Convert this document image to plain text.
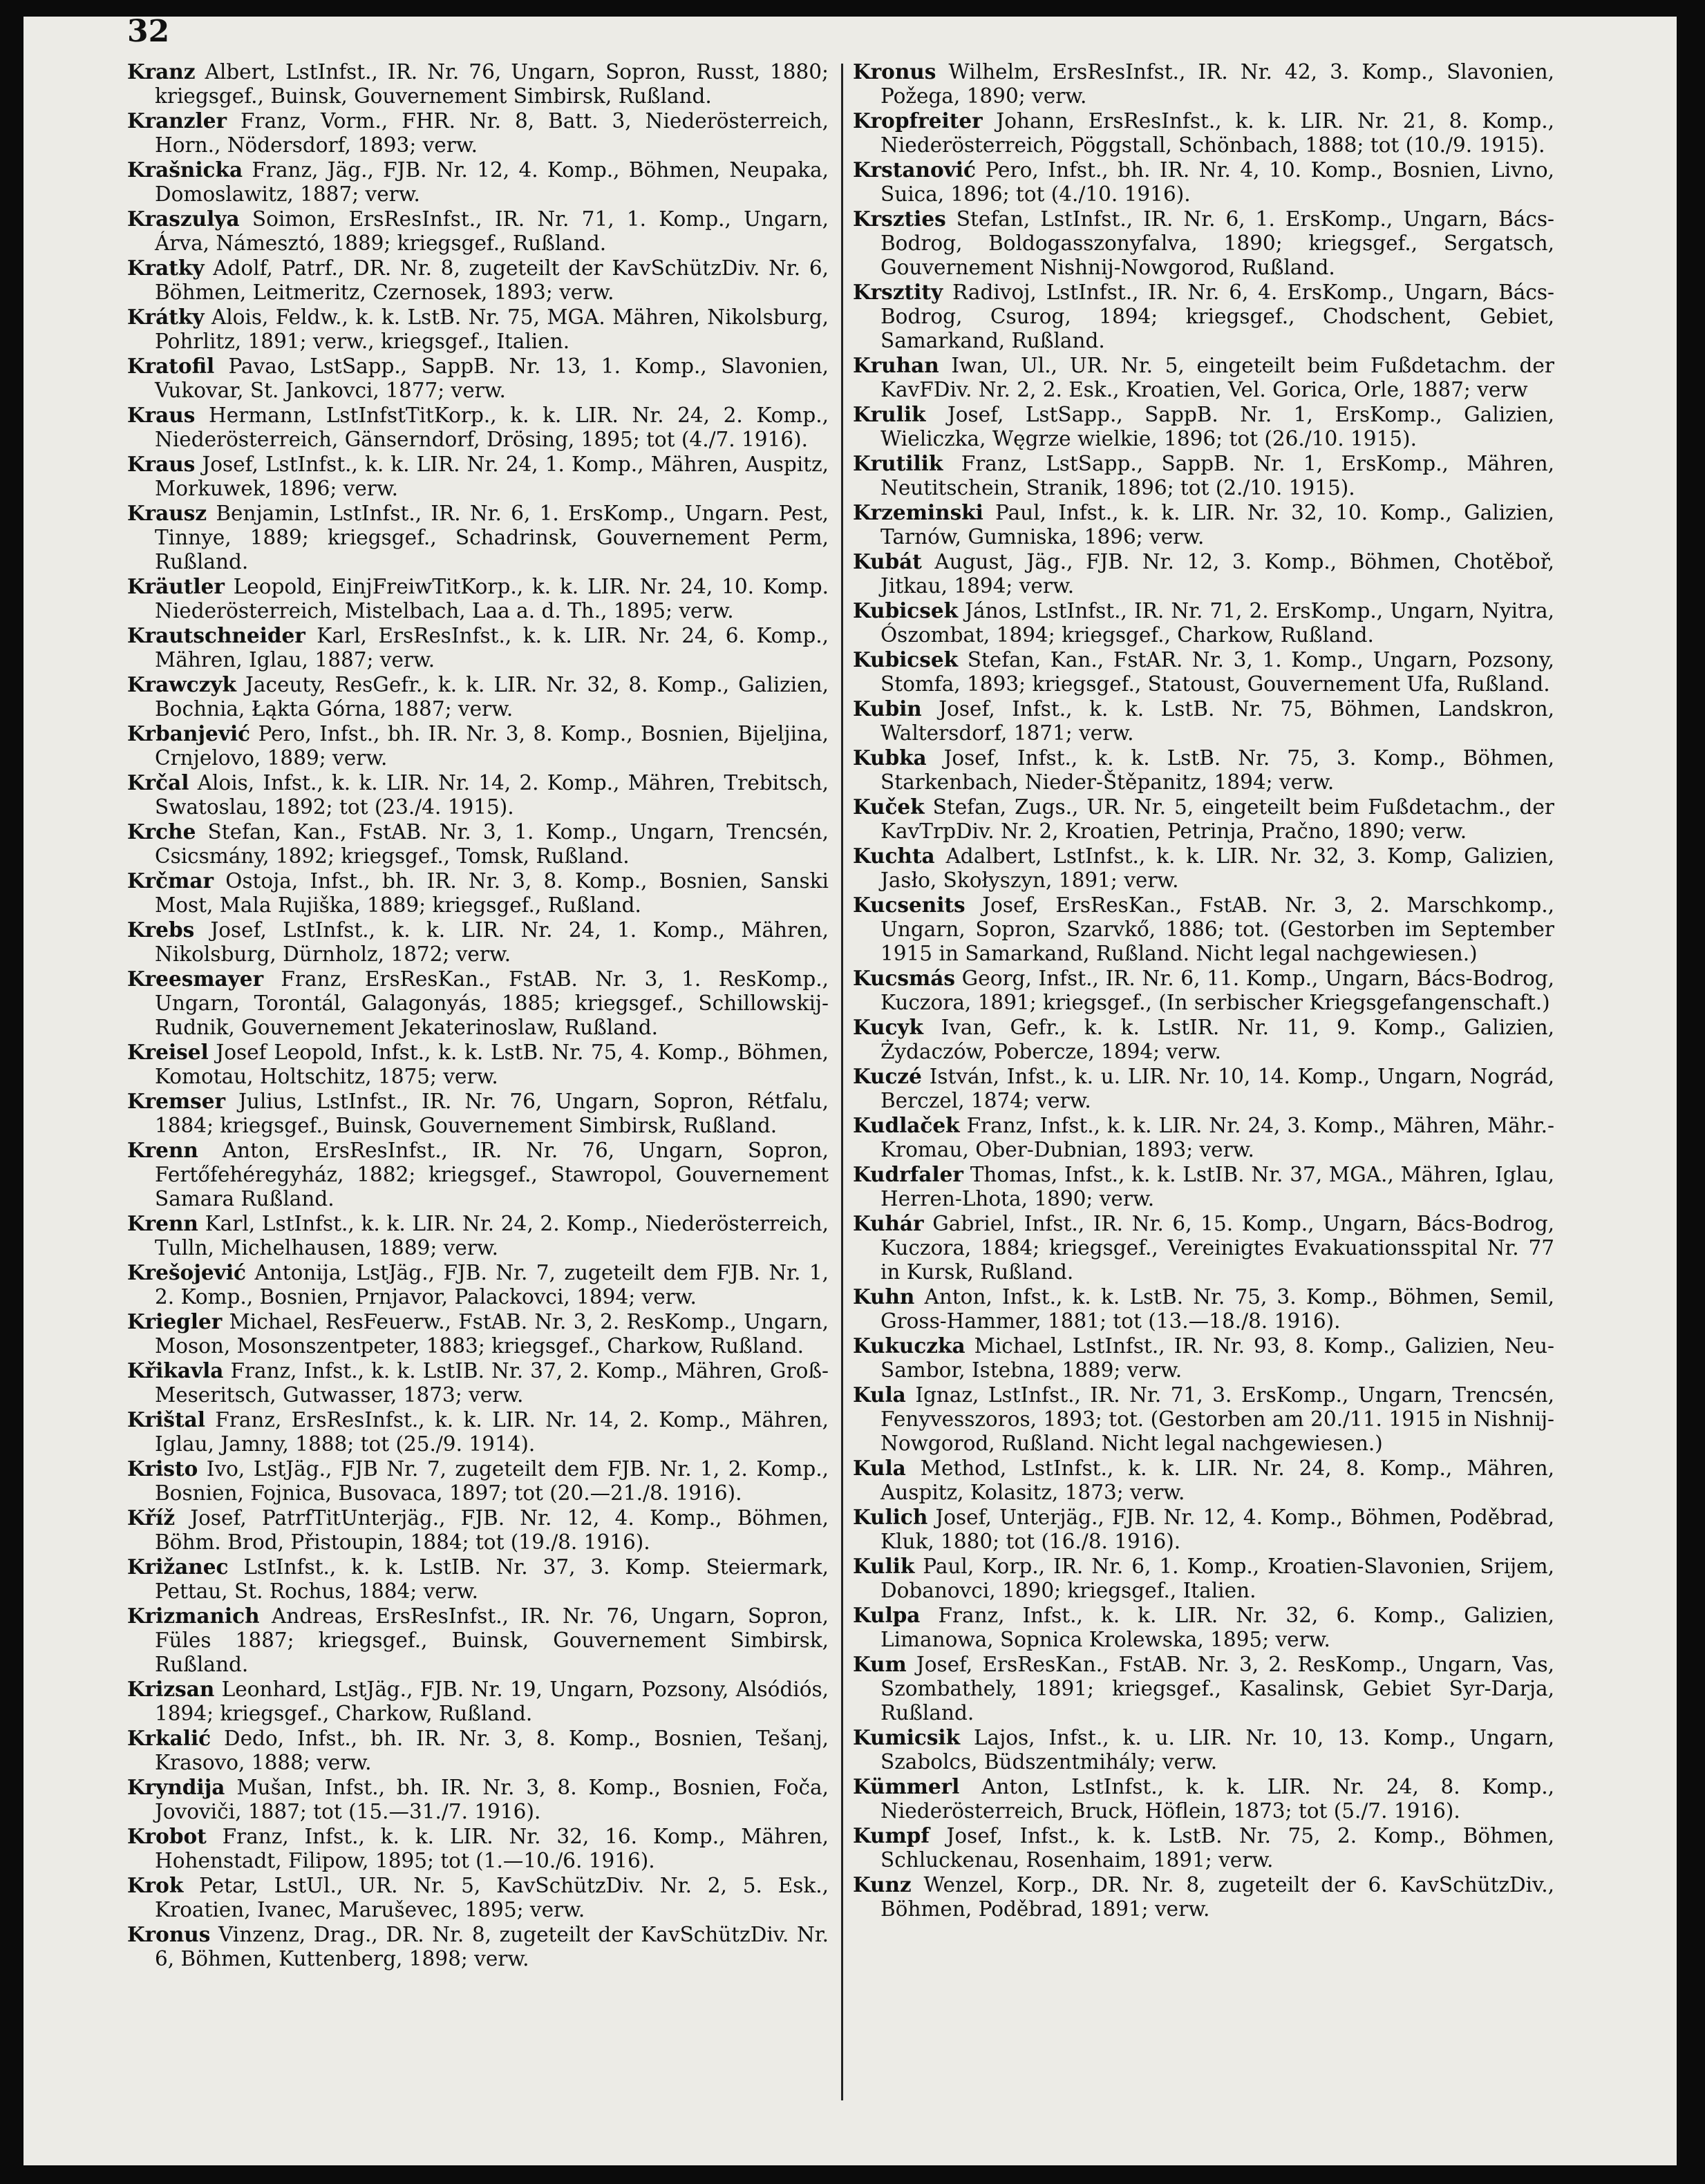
32

Kranz Albert, LstInfst., IR. Nr. 76, Ungarn, Sopron, Russt, 1880; kriegsgef., Buinsk, Gouvernement Simbirsk, Rußland.

Kranzler Franz, Vorm., FHR. Nr. 8, Batt. 3, Niederösterreich, Horn., Nödersdorf, 1893; verw.

Krašnicka Franz, Jäg., FJB. Nr. 12, 4. Komp., Böhmen, Neupaka, Domoslawitz, 1887; verw.

Kraszulya Soimon, ErsResInfst., IR. Nr. 71, 1. Komp., Ungarn, Árva, Námesztó, 1889; kriegsgef., Rußland.

Kratky Adolf, Patrf., DR. Nr. 8, zugeteilt der KavSchützDiv. Nr. 6, Böhmen, Leitmeritz, Czernosek, 1893; verw.

Krátky Alois, Feldw., k. k. LstB. Nr. 75, MGA. Mähren, Nikolsburg, Pohrlitz, 1891; verw., kriegsgef., Italien.

Kratofil Pavao, LstSapp., SappB. Nr. 13, 1. Komp., Slavonien, Vukovar, St. Jankovci, 1877; verw.

Kraus Hermann, LstInfstTitKorp., k. k. LIR. Nr. 24, 2. Komp., Niederösterreich, Gänserndorf, Drösing, 1895; tot (4./7. 1916).

Kraus Josef, LstInfst., k. k. LIR. Nr. 24, 1. Komp., Mähren, Auspitz, Morkuwek, 1896; verw.

Krausz Benjamin, LstInfst., IR. Nr. 6, 1. ErsKomp., Ungarn. Pest, Tinnye, 1889; kriegsgef., Schadrinsk, Gouvernement Perm, Rußland.

Kräutler Leopold, EinjFreiwTitKorp., k. k. LIR. Nr. 24, 10. Komp. Niederösterreich, Mistelbach, Laa a. d. Th., 1895; verw.

Krautschneider Karl, ErsResInfst., k. k. LIR. Nr. 24, 6. Komp., Mähren, Iglau, 1887; verw.

Krawczyk Jaceuty, ResGefr., k. k. LIR. Nr. 32, 8. Komp., Galizien, Bochnia, Łąkta Górna, 1887; verw.

Krbanjević Pero, Infst., bh. IR. Nr. 3, 8. Komp., Bosnien, Bijeljina, Crnjelovo, 1889; verw.

Krčal Alois, Infst., k. k. LIR. Nr. 14, 2. Komp., Mähren, Trebitsch, Swatoslau, 1892; tot (23./4. 1915).

Krche Stefan, Kan., FstAB. Nr. 3, 1. Komp., Ungarn, Trencsén, Csicsmány, 1892; kriegsgef., Tomsk, Rußland.

Krčmar Ostoja, Infst., bh. IR. Nr. 3, 8. Komp., Bosnien, Sanski Most, Mala Rujiška, 1889; kriegsgef., Rußland.

Krebs Josef, LstInfst., k. k. LIR. Nr. 24, 1. Komp., Mähren, Nikolsburg, Dürnholz, 1872; verw.

Kreesmayer Franz, ErsResKan., FstAB. Nr. 3, 1. ResKomp., Ungarn, Torontál, Galagonyás, 1885; kriegsgef., Schillowskij-Rudnik, Gouvernement Jekaterinoslaw, Rußland.

Kreisel Josef Leopold, Infst., k. k. LstB. Nr. 75, 4. Komp., Böhmen, Komotau, Holtschitz, 1875; verw.

Kremser Julius, LstInfst., IR. Nr. 76, Ungarn, Sopron, Rétfalu, 1884; kriegsgef., Buinsk, Gouvernement Simbirsk, Rußland.

Krenn Anton, ErsResInfst., IR. Nr. 76, Ungarn, Sopron, Fertőfehéregyház, 1882; kriegsgef., Stawropol, Gouvernement Samara Rußland.

Krenn Karl, LstInfst., k. k. LIR. Nr. 24, 2. Komp., Niederösterreich, Tulln, Michelhausen, 1889; verw.

Krešojević Antonija, LstJäg., FJB. Nr. 7, zugeteilt dem FJB. Nr. 1, 2. Komp., Bosnien, Prnjavor, Palackovci, 1894; verw.

Kriegler Michael, ResFeuerw., FstAB. Nr. 3, 2. ResKomp., Ungarn, Moson, Mosonszentpeter, 1883; kriegsgef., Charkow, Rußland.

Křikavla Franz, Infst., k. k. LstIB. Nr. 37, 2. Komp., Mähren, Groß-Meseritsch, Gutwasser, 1873; verw.

Krištal Franz, ErsResInfst., k. k. LIR. Nr. 14, 2. Komp., Mähren, Iglau, Jamny, 1888; tot (25./9. 1914).

Kristo Ivo, LstJäg., FJB Nr. 7, zugeteilt dem FJB. Nr. 1, 2. Komp., Bosnien, Fojnica, Busovaca, 1897; tot (20.—21./8. 1916).

Kříž Josef, PatrfTitUnterjäg., FJB. Nr. 12, 4. Komp., Böhmen, Böhm. Brod, Přistoupin, 1884; tot (19./8. 1916).

Križanec LstInfst., k. k. LstIB. Nr. 37, 3. Komp. Steiermark, Pettau, St. Rochus, 1884; verw.

Krizmanich Andreas, ErsResInfst., IR. Nr. 76, Ungarn, Sopron, Füles 1887; kriegsgef., Buinsk, Gouvernement Simbirsk, Rußland.

Krizsan Leonhard, LstJäg., FJB. Nr. 19, Ungarn, Pozsony, Alsódiós, 1894; kriegsgef., Charkow, Rußland.

Krkalić Dedo, Infst., bh. IR. Nr. 3, 8. Komp., Bosnien, Tešanj, Krasovo, 1888; verw.

Kryndija Mušan, Infst., bh. IR. Nr. 3, 8. Komp., Bosnien, Foča, Jovoviči, 1887; tot (15.—31./7. 1916).

Krobot Franz, Infst., k. k. LIR. Nr. 32, 16. Komp., Mähren, Hohenstadt, Filipow, 1895; tot (1.—10./6. 1916).

Krok Petar, LstUl., UR. Nr. 5, KavSchützDiv. Nr. 2, 5. Esk., Kroatien, Ivanec, Maruševec, 1895; verw.

Kronus Vinzenz, Drag., DR. Nr. 8, zugeteilt der KavSchützDiv. Nr. 6, Böhmen, Kuttenberg, 1898; verw.

Kronus Wilhelm, ErsResInfst., IR. Nr. 42, 3. Komp., Slavonien, Požega, 1890; verw.

Kropfreiter Johann, ErsResInfst., k. k. LIR. Nr. 21, 8. Komp., Niederösterreich, Pöggstall, Schönbach, 1888; tot (10./9. 1915).

Krstanović Pero, Infst., bh. IR. Nr. 4, 10. Komp., Bosnien, Livno, Suica, 1896; tot (4./10. 1916).

Krszties Stefan, LstInfst., IR. Nr. 6, 1. ErsKomp., Ungarn, Bács-Bodrog, Boldogasszonyfalva, 1890; kriegsgef., Sergatsch, Gouvernement Nishnij-Nowgorod, Rußland.

Krsztity Radivoj, LstInfst., IR. Nr. 6, 4. ErsKomp., Ungarn, Bács-Bodrog, Csurog, 1894; kriegsgef., Chodschent, Gebiet, Samarkand, Rußland.

Kruhan Iwan, Ul., UR. Nr. 5, eingeteilt beim Fußdetachm. der KavFDiv. Nr. 2, 2. Esk., Kroatien, Vel. Gorica, Orle, 1887; verw

Krulik Josef, LstSapp., SappB. Nr. 1, ErsKomp., Galizien, Wieliczka, Węgrze wielkie, 1896; tot (26./10. 1915).

Krutilik Franz, LstSapp., SappB. Nr. 1, ErsKomp., Mähren, Neutitschein, Stranik, 1896; tot (2./10. 1915).

Krzeminski Paul, Infst., k. k. LIR. Nr. 32, 10. Komp., Galizien, Tarnów, Gumniska, 1896; verw.

Kubát August, Jäg., FJB. Nr. 12, 3. Komp., Böhmen, Chotěboř, Jitkau, 1894; verw.

Kubicsek János, LstInfst., IR. Nr. 71, 2. ErsKomp., Ungarn, Nyitra, Ószombat, 1894; kriegsgef., Charkow, Rußland.

Kubicsek Stefan, Kan., FstAR. Nr. 3, 1. Komp., Ungarn, Pozsony, Stomfa, 1893; kriegsgef., Statoust, Gouvernement Ufa, Rußland.

Kubin Josef, Infst., k. k. LstB. Nr. 75, Böhmen, Landskron, Waltersdorf, 1871; verw.

Kubka Josef, Infst., k. k. LstB. Nr. 75, 3. Komp., Böhmen, Starkenbach, Nieder-Štěpanitz, 1894; verw.

Kuček Stefan, Zugs., UR. Nr. 5, eingeteilt beim Fußdetachm., der KavTrpDiv. Nr. 2, Kroatien, Petrinja, Pračno, 1890; verw.

Kuchta Adalbert, LstInfst., k. k. LIR. Nr. 32, 3. Komp, Galizien, Jasło, Skołyszyn, 1891; verw.

Kucsenits Josef, ErsResKan., FstAB. Nr. 3, 2. Marschkomp., Ungarn, Sopron, Szarvkő, 1886; tot. (Gestorben im September 1915 in Samarkand, Rußland. Nicht legal nachgewiesen.)

Kucsmás Georg, Infst., IR. Nr. 6, 11. Komp., Ungarn, Bács-Bodrog, Kuczora, 1891; kriegsgef., (In serbischer Kriegsgefangenschaft.)

Kucyk Ivan, Gefr., k. k. LstIR. Nr. 11, 9. Komp., Galizien, Żydaczów, Pobercze, 1894; verw.

Kuczé István, Infst., k. u. LIR. Nr. 10, 14. Komp., Ungarn, Nográd, Berczel, 1874; verw.

Kudlaček Franz, Infst., k. k. LIR. Nr. 24, 3. Komp., Mähren, Mähr.-Kromau, Ober-Dubnian, 1893; verw.

Kudrfaler Thomas, Infst., k. k. LstIB. Nr. 37, MGA., Mähren, Iglau, Herren-Lhota, 1890; verw.

Kuhár Gabriel, Infst., IR. Nr. 6, 15. Komp., Ungarn, Bács-Bodrog, Kuczora, 1884; kriegsgef., Vereinigtes Evakuationsspital Nr. 77 in Kursk, Rußland.

Kuhn Anton, Infst., k. k. LstB. Nr. 75, 3. Komp., Böhmen, Semil, Gross-Hammer, 1881; tot (13.—18./8. 1916).

Kukuczka Michael, LstInfst., IR. Nr. 93, 8. Komp., Galizien, Neu-Sambor, Istebna, 1889; verw.

Kula Ignaz, LstInfst., IR. Nr. 71, 3. ErsKomp., Ungarn, Trencsén, Fenyvesszoros, 1893; tot. (Gestorben am 20./11. 1915 in Nishnij-Nowgorod, Rußland. Nicht legal nachgewiesen.)

Kula Method, LstInfst., k. k. LIR. Nr. 24, 8. Komp., Mähren, Auspitz, Kolasitz, 1873; verw.

Kulich Josef, Unterjäg., FJB. Nr. 12, 4. Komp., Böhmen, Poděbrad, Kluk, 1880; tot (16./8. 1916).

Kulik Paul, Korp., IR. Nr. 6, 1. Komp., Kroatien-Slavonien, Srijem, Dobanovci, 1890; kriegsgef., Italien.

Kulpa Franz, Infst., k. k. LIR. Nr. 32, 6. Komp., Galizien, Limanowa, Sopnica Krolewska, 1895; verw.

Kum Josef, ErsResKan., FstAB. Nr. 3, 2. ResKomp., Ungarn, Vas, Szombathely, 1891; kriegsgef., Kasalinsk, Gebiet Syr-Darja, Rußland.

Kumicsik Lajos, Infst., k. u. LIR. Nr. 10, 13. Komp., Ungarn, Szabolcs, Büdszentmihály; verw.

Kümmerl Anton, LstInfst., k. k. LIR. Nr. 24, 8. Komp., Niederösterreich, Bruck, Höflein, 1873; tot (5./7. 1916).

Kumpf Josef, Infst., k. k. LstB. Nr. 75, 2. Komp., Böhmen, Schluckenau, Rosenhaim, 1891; verw.

Kunz Wenzel, Korp., DR. Nr. 8, zugeteilt der 6. KavSchützDiv., Böhmen, Poděbrad, 1891; verw.
